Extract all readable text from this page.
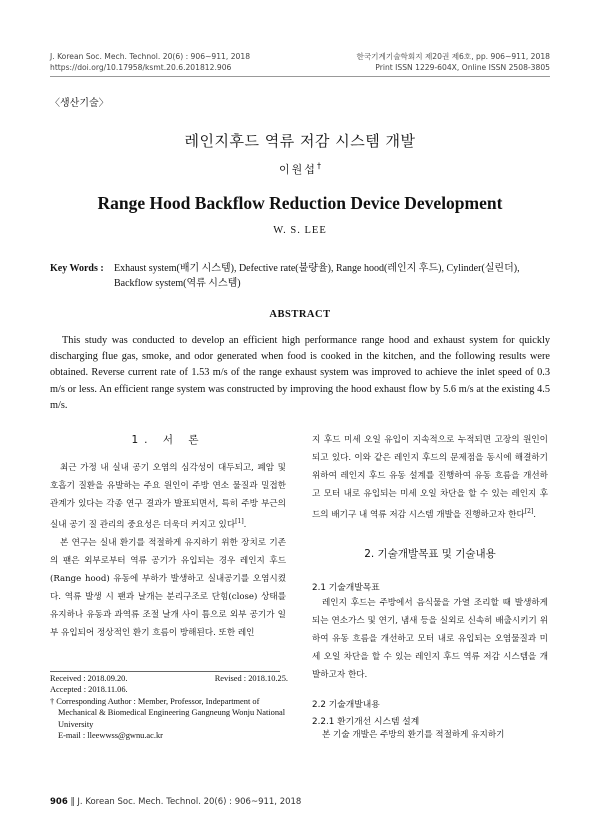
J. Korean Soc. Mech. Technol. 20(6) : 906~911, 2018
https://doi.org/10.17958/ksmt.20.6.201812.906
한국기계기술학회지 제20권 제6호, pp. 906~911, 2018
Print ISSN 1229-604X, Online ISSN 2508-3805
〈생산기술〉
레인지후드 역류 저감 시스템 개발
이원섭†
Range Hood Backflow Reduction Device Development
W. S. LEE
Key Words : Exhaust system(배기 시스템), Defective rate(불량율), Range hood(레인지 후드), Cylinder(실린더), Backflow system(역류 시스템)
ABSTRACT
This study was conducted to develop an efficient high performance range hood and exhaust system for quickly discharging flue gas, smoke, and odor generated when food is cooked in the kitchen, and the following results were obtained. Reverse current rate of 1.53 m/s of the range exhaust system was improved to achieve the inlet speed of 0.3 m/s or less. An efficient range system was constructed by improving the hood exhaust flow by 5.6 m/s at the existing 4.5 m/s.
1. 서 론

최근 가정 내 실내 공기 오염의 심각성이 대두되고, 폐암 및 호흡기 질환을 유발하는 주요 원인이 주방 연소 물질과 밀접한 관계가 있다는 각종 연구 결과가 발표되면서, 특히 주방 부근의 실내 공기 질 관리의 중요성은 더욱더 커지고 있다[1].

본 연구는 실내 환기를 적절하게 유지하기 위한 장치로 기존의 팬은 외부로부터 역류 공기가 유입되는 경우 레인지 후드(Range hood) 유동에 부하가 발생하고 실내공기를 오염시켰다. 역류 발생 시 팬과 날개는 분리구조로 단힘(close) 상태를 유지하나 유동과 과역류 조절 날개 사이 틈으로 외부 공기가 일부 유입되어 정상적인 환기 흐름이 방해된다. 또한 레인

Received : 2018.09.20.	Revised : 2018.10.25.
Accepted : 2018.11.06.
† Corresponding Author : Member, Professor, Indepartment of Mechanical & Biomedical Engineering Gangneung Wonju National University
E-mail : lleewwss@gwnu.ac.kr

지 후드 미세 오일 유입이 지속적으로 누적되면 고장의 원인이 되고 있다. 이와 같은 레인지 후드의 문제점을 동시에 해결하기 위하여 레인지 후드 유동 설계를 진행하여 유동 흐름을 개선하고 모터 내로 유입되는 미세 오일 차단을 할 수 있는 레인지 후드의 배기구 내 역류 저감 시스템 개발을 진행하고자 한다[2].

2. 기술개발목표 및 기술내용
2.1 기술개발목표

레인지 후드는 주방에서 음식물을 가열 조리할 때 발생하게 되는 연소가스 및 연기, 냄새 등을 실외로 신속히 배출시키기 위하여 유동 흐름을 개선하고 모터 내로 유입되는 오염물질과 미세 오일 차단을 할 수 있는 레인지 후드 역류 저감 시스템을 개발하고자 한다.

2.2 기술개발내용
2.2.1 환기개선 시스템 설계

본 기술 개발은 주방의 환기를 적절하게 유지하기

906 ‖ J. Korean Soc. Mech. Technol. 20(6) : 906~911, 2018
